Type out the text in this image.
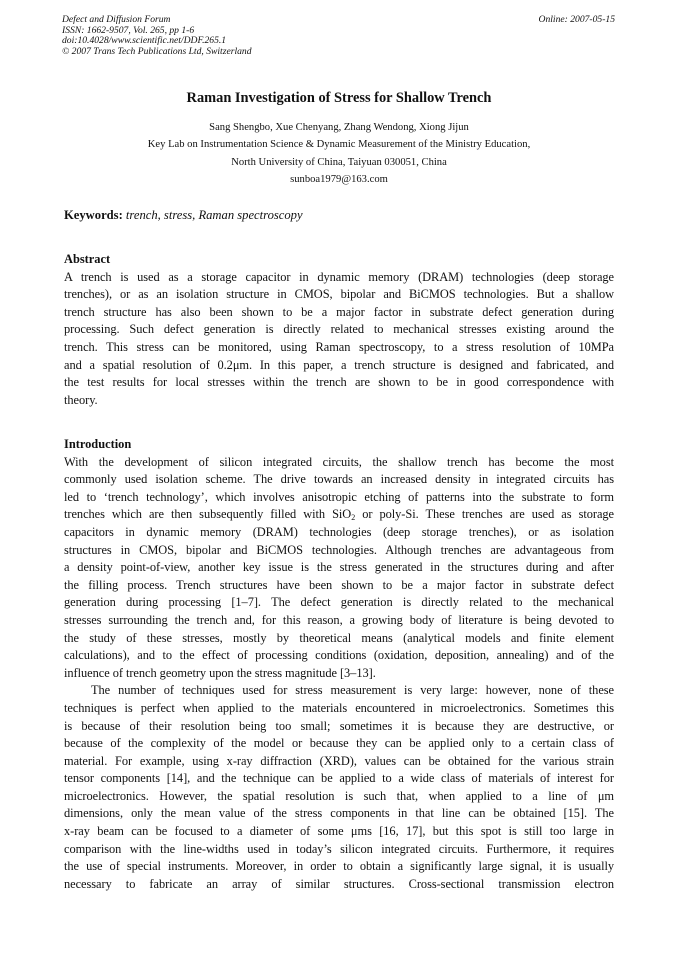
Defect and Diffusion Forum
ISSN: 1662-9507, Vol. 265, pp 1-6
doi:10.4028/www.scientific.net/DDF.265.1
© 2007 Trans Tech Publications Ltd, Switzerland
Online: 2007-05-15
Raman Investigation of Stress for Shallow Trench
Sang Shengbo, Xue Chenyang, Zhang Wendong, Xiong Jijun
Key Lab on Instrumentation Science & Dynamic Measurement of the Ministry Education,
North University of China, Taiyuan 030051, China
sunboa1979@163.com
Keywords: trench, stress, Raman spectroscopy
Abstract
A trench is used as a storage capacitor in dynamic memory (DRAM) technologies (deep storage
trenches), or as an isolation structure in CMOS, bipolar and BiCMOS technologies. But a shallow
trench structure has also been shown to be a major factor in substrate defect generation during
processing. Such defect generation is directly related to mechanical stresses existing around the
trench. This stress can be monitored, using Raman spectroscopy, to a stress resolution of 10MPa
and a spatial resolution of 0.2μm. In this paper, a trench structure is designed and fabricated, and
the test results for local stresses within the trench are shown to be in good correspondence with
theory.
Introduction
With the development of silicon integrated circuits, the shallow trench has become the most
commonly used isolation scheme. The drive towards an increased density in integrated circuits has
led to ‘trench technology’, which involves anisotropic etching of patterns into the substrate to form
trenches which are then subsequently filled with SiO$_2$ or poly-Si. These trenches are used as storage
capacitors in dynamic memory (DRAM) technologies (deep storage trenches), or as isolation
structures in CMOS, bipolar and BiCMOS technologies. Although trenches are advantageous from
a density point-of-view, another key issue is the stress generated in the structures during and after
the filling process. Trench structures have been shown to be a major factor in substrate defect
generation during processing [1–7]. The defect generation is directly related to the mechanical
stresses surrounding the trench and, for this reason, a growing body of literature is being devoted to
the study of these stresses, mostly by theoretical means (analytical models and finite element
calculations), and to the effect of processing conditions (oxidation, deposition, annealing) and of the
influence of trench geometry upon the stress magnitude [3–13].
The number of techniques used for stress measurement is very large: however, none of these
techniques is perfect when applied to the materials encountered in microelectronics. Sometimes this
is because of their resolution being too small; sometimes it is because they are destructive, or
because of the complexity of the model or because they can be applied only to a certain class of
material. For example, using x-ray diffraction (XRD), values can be obtained for the various strain
tensor components [14], and the technique can be applied to a wide class of materials of interest for
microelectronics. However, the spatial resolution is such that, when applied to a line of μm
dimensions, only the mean value of the stress components in that line can be obtained [15]. The
x-ray beam can be focused to a diameter of some μms [16, 17], but this spot is still too large in
comparison with the line-widths used in today’s silicon integrated circuits. Furthermore, it requires
the use of special instruments. Moreover, in order to obtain a significantly large signal, it is usually
necessary to fabricate an array of similar structures. Cross-sectional transmission electron
